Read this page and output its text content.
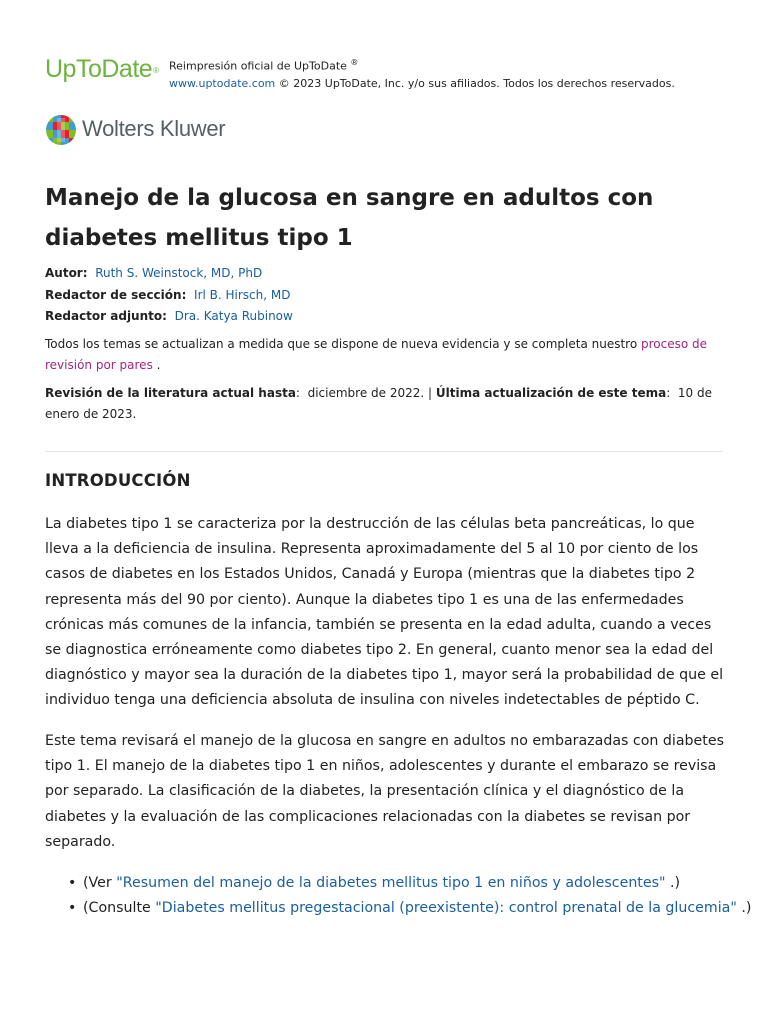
UpToDate® Reimpresión oficial de UpToDate ®
www.uptodate.com © 2023 UpToDate, Inc. y/o sus afiliados. Todos los derechos reservados.
Wolters Kluwer
Manejo de la glucosa en sangre en adultos con diabetes mellitus tipo 1
Autor: Ruth S. Weinstock, MD, PhD
Redactor de sección: Irl B. Hirsch, MD
Redactor adjunto: Dra. Katya Rubinow
Todos los temas se actualizan a medida que se dispone de nueva evidencia y se completa nuestro proceso de revisión por pares .
Revisión de la literatura actual hasta:  diciembre de 2022. | Última actualización de este tema:  10 de enero de 2023.
INTRODUCCIÓN

La diabetes tipo 1 se caracteriza por la destrucción de las células beta pancreáticas, lo que lleva a la deficiencia de insulina. Representa aproximadamente del 5 al 10 por ciento de los casos de diabetes en los Estados Unidos, Canadá y Europa (mientras que la diabetes tipo 2 representa más del 90 por ciento). Aunque la diabetes tipo 1 es una de las enfermedades crónicas más comunes de la infancia, también se presenta en la edad adulta, cuando a veces se diagnostica erróneamente como diabetes tipo 2. En general, cuanto menor sea la edad del diagnóstico y mayor sea la duración de la diabetes tipo 1, mayor será la probabilidad de que el individuo tenga una deficiencia absoluta de insulina con niveles indetectables de péptido C.

Este tema revisará el manejo de la glucosa en sangre en adultos no embarazadas con diabetes tipo 1. El manejo de la diabetes tipo 1 en niños, adolescentes y durante el embarazo se revisa por separado. La clasificación de la diabetes, la presentación clínica y el diagnóstico de la diabetes y la evaluación de las complicaciones relacionadas con la diabetes se revisan por separado.

• (Ver "Resumen del manejo de la diabetes mellitus tipo 1 en niños y adolescentes" .)
• (Consulte "Diabetes mellitus pregestacional (preexistente): control prenatal de la glucemia" .)
